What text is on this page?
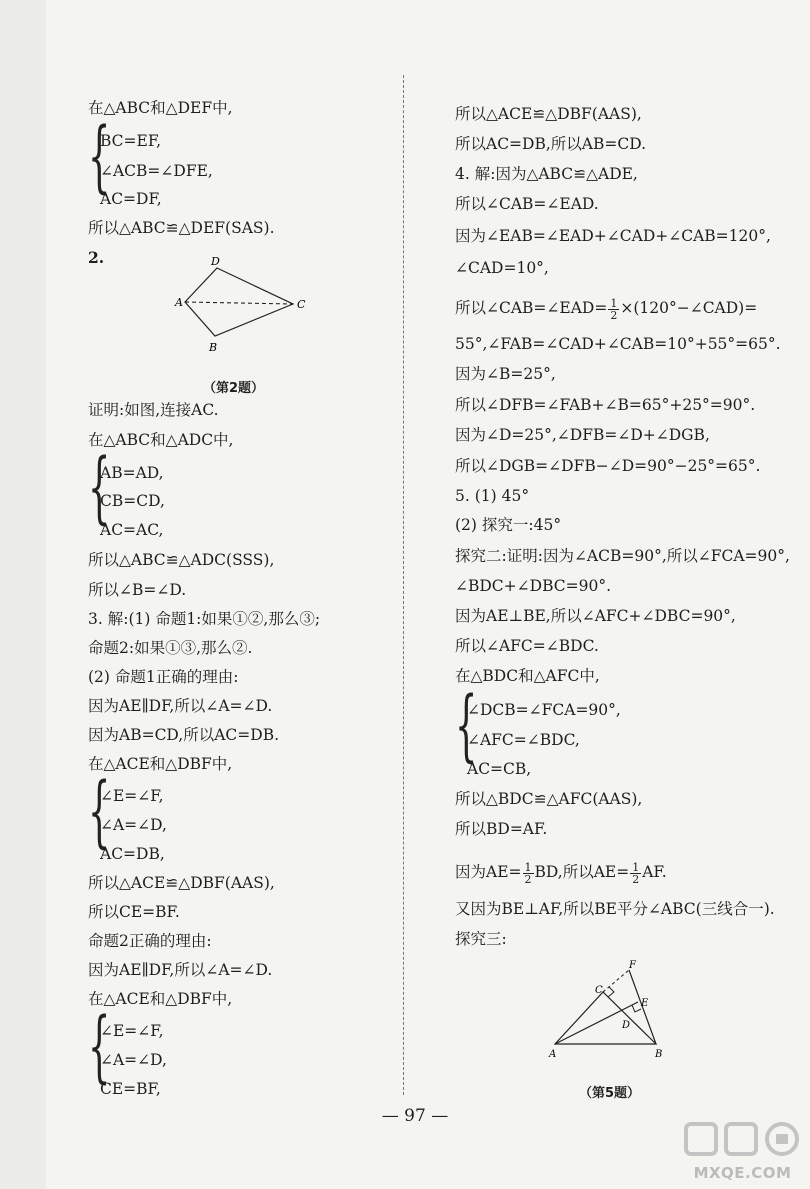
在△ABC和△DEF中,
{
BC=EF,
∠ACB=∠DFE,
AC=DF,
所以△ABC≌△DEF(SAS).
2.	D
A	C
B
（第2题）
证明:如图,连接AC.
在△ABC和△ADC中,
{
AB=AD,
CB=CD,
AC=AC,
所以△ABC≌△ADC(SSS),
所以∠B=∠D.
3. 解:(1) 命题1:如果①②,那么③;
命题2:如果①③,那么②.
(2) 命题1正确的理由:
因为AE∥DF,所以∠A=∠D.
因为AB=CD,所以AC=DB.
在△ACE和△DBF中,
{
∠E=∠F,
∠A=∠D,
AC=DB,
所以△ACE≌△DBF(AAS),
所以CE=BF.
命题2正确的理由:
因为AE∥DF,所以∠A=∠D.
在△ACE和△DBF中,
{
∠E=∠F,
∠A=∠D,
CE=BF,
所以△ACE≌△DBF(AAS),
所以AC=DB,所以AB=CD.
4. 解:因为△ABC≌△ADE,
所以∠CAB=∠EAD.
因为∠EAB=∠EAD+∠CAD+∠CAB=120°,
∠CAD=10°,
所以∠CAB=∠EAD= $\frac{1}{2}$ ×(120°−∠CAD)=
55°,∠FAB=∠CAD+∠CAB=10°+55°=65°.
因为∠B=25°,
所以∠DFB=∠FAB+∠B=65°+25°=90°.
因为∠D=25°,∠DFB=∠D+∠DGB,
所以∠DGB=∠DFB−∠D=90°−25°=65°.
5. (1) 45°
(2) 探究一:45°
探究二:证明:因为∠ACB=90°,所以∠FCA=90°,
∠BDC+∠DBC=90°.
因为AE⊥BE,所以∠AFC+∠DBC=90°,
所以∠AFC=∠BDC.
在△BDC和△AFC中,
{
∠DCB=∠FCA=90°,
∠AFC=∠BDC,
AC=CB,
所以△BDC≌△AFC(AAS),
所以BD=AF.
因为$AE= \frac{1}{2}$ BD,所以$AE= \frac{1}{2}$ AF.
又因为BE⊥AF,所以BE平分∠ABC(三线合一).
探究三:
F
C
E
D
A	B
（第5题）
— 97 —
MXQE.COM
